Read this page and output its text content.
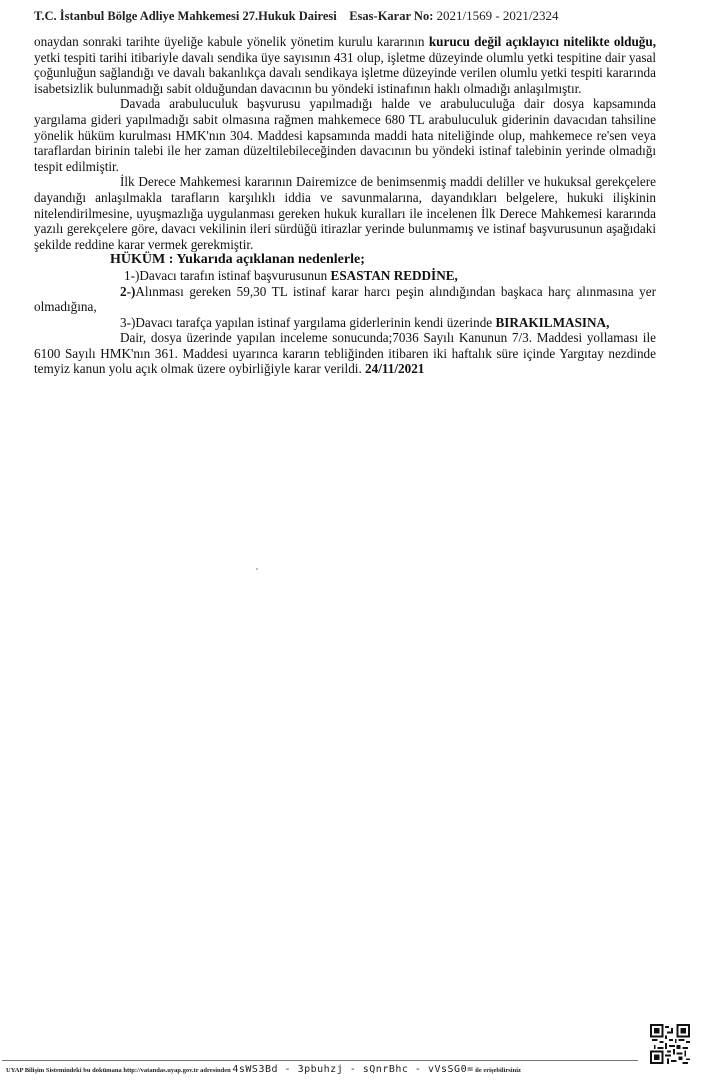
T.C. İstanbul Bölge Adliye Mahkemesi 27.Hukuk Dairesi Esas-Karar No: 2021/1569 - 2021/2324

onaydan sonraki tarihte üyeliğe kabule yönelik yönetim kurulu kararının kurucu değil açıklayıcı nitelikte olduğu, yetki tespiti tarihi itibariyle davalı sendika üye sayısının 431 olup, işletme düzeyinde olumlu yetki tespitine dair yasal çoğunluğun sağlandığı ve davalı bakanlıkça davalı sendikaya işletme düzeyinde verilen olumlu yetki tespiti kararında isabetsizlik bulunmadığı sabit olduğundan davacının bu yöndeki istinafının haklı olmadığı anlaşılmıştır.

Davada arabuluculuk başvurusu yapılmadığı halde ve arabuluculuğa dair dosya kapsamında yargılama gideri yapılmadığı sabit olmasına rağmen mahkemece 680 TL arabuluculuk giderinin davacıdan tahsiline yönelik hüküm kurulması HMK'nın 304. Maddesi kapsamında maddi hata niteliğinde olup, mahkemece re'sen veya taraflardan birinin talebi ile her zaman düzeltilebileceğinden davacının bu yöndeki istinaf talebinin yerinde olmadığı tespit edilmiştir.

İlk Derece Mahkemesi kararının Dairemizce de benimsenmiş maddi deliller ve hukuksal gerekçelere dayandığı anlaşılmakla tarafların karşılıklı iddia ve savunmalarına, dayandıkları belgelere, hukuki ilişkinin nitelendirilmesine, uyuşmazlığa uygulanması gereken hukuk kuralları ile incelenen İlk Derece Mahkemesi kararında yazılı gerekçelere göre, davacı vekilinin ileri sürdüğü itirazlar yerinde bulunmamış ve istinaf başvurusunun aşağıdaki şekilde reddine karar vermek gerekmiştir.

HÜKÜM : Yukarıda açıklanan nedenlerle;

1-)Davacı tarafın istinaf başvurusunun ESASTAN REDDİNE,

2-)Alınması gereken 59,30 TL istinaf karar harcı peşin alındığından başkaca harç alınmasına yer olmadığına,

3-)Davacı tarafça yapılan istinaf yargılama giderlerinin kendi üzerinde BIRAKILMASINA,

Dair, dosya üzerinde yapılan inceleme sonucunda;7036 Sayılı Kanunun 7/3. Maddesi yollaması ile 6100 Sayılı HMK'nın 361. Maddesi uyarınca kararın tebliğinden itibaren iki haftalık süre içinde Yargıtay nezdinde temyiz kanun yolu açık olmak üzere oybirliğiyle karar verildi. 24/11/2021

UYAP Bilişim Sistemindeki bu dokümana http://vatandas.uyap.gov.tr adresinden 4sWS3Bd - 3pbuhzj - sQnrBhc - vVsSG0= ile erişebilirsiniz
